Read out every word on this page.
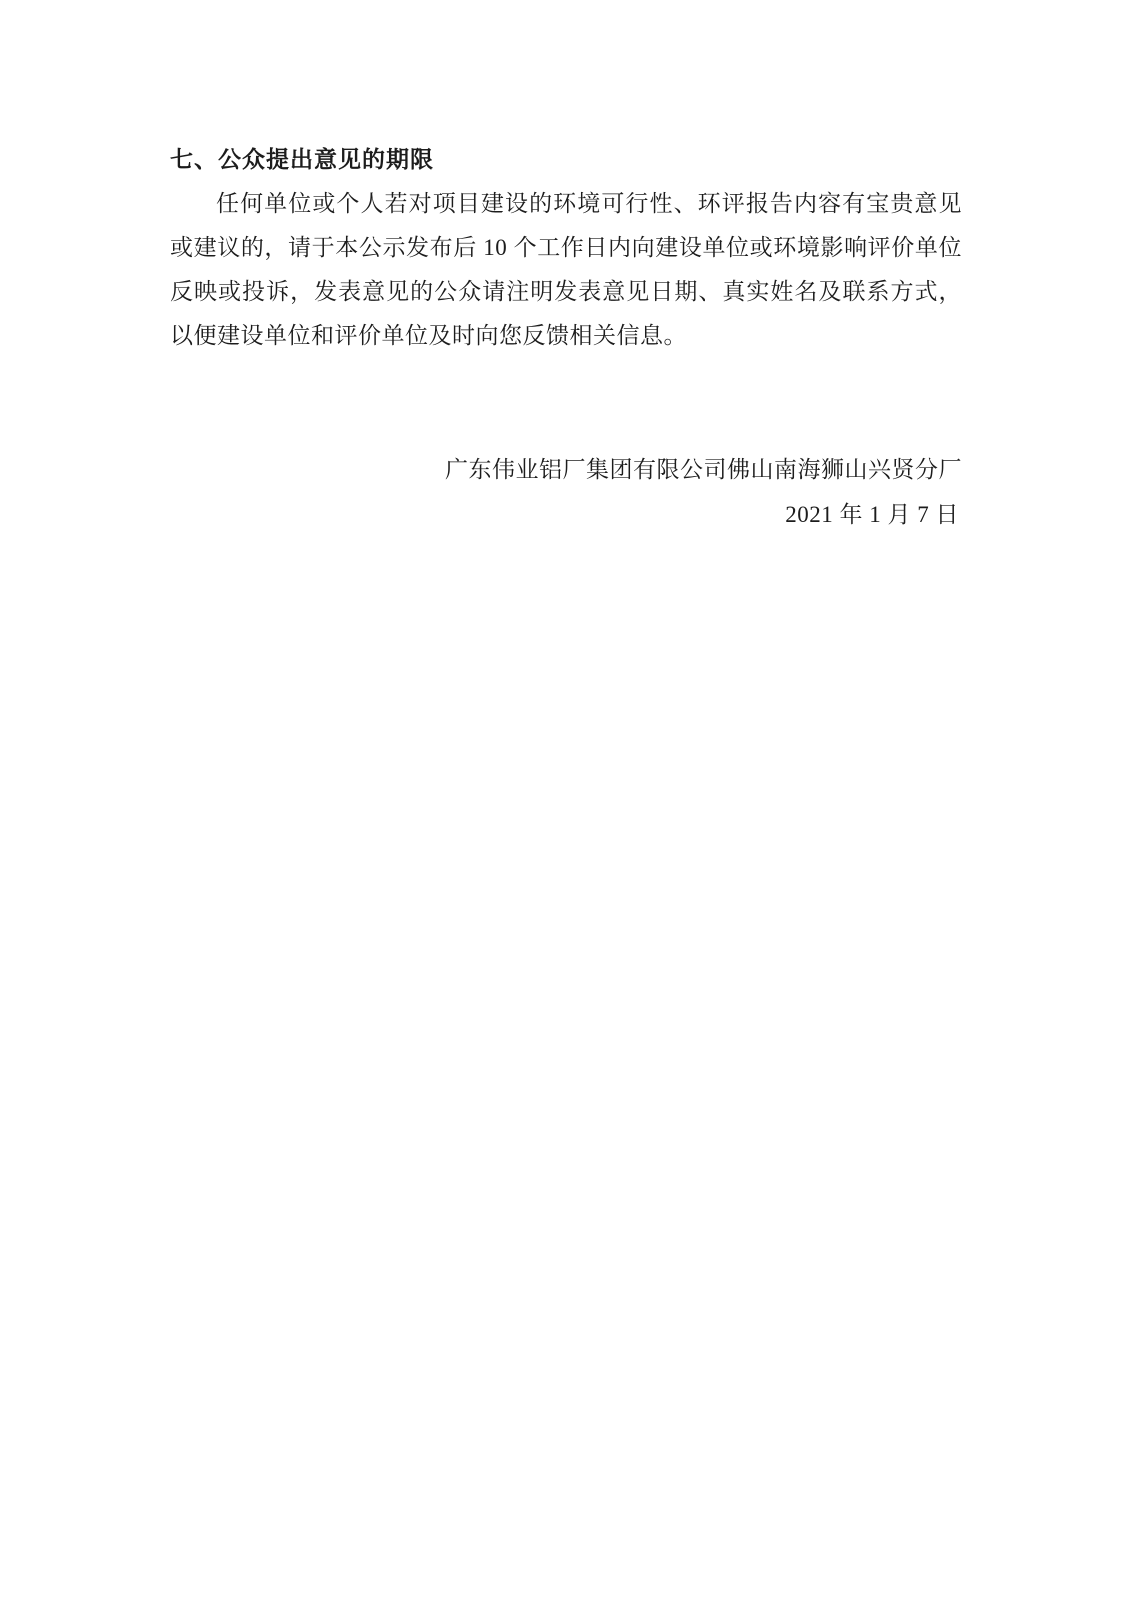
七、公众提出意见的期限

任何单位或个人若对项目建设的环境可行性、环评报告内容有宝贵意见或建议的，请于本公示发布后 10 个工作日内向建设单位或环境影响评价单位反映或投诉，发表意见的公众请注明发表意见日期、真实姓名及联系方式，以便建设单位和评价单位及时向您反馈相关信息。

广东伟业铝厂集团有限公司佛山南海狮山兴贤分厂

2021 年 1 月 7 日
